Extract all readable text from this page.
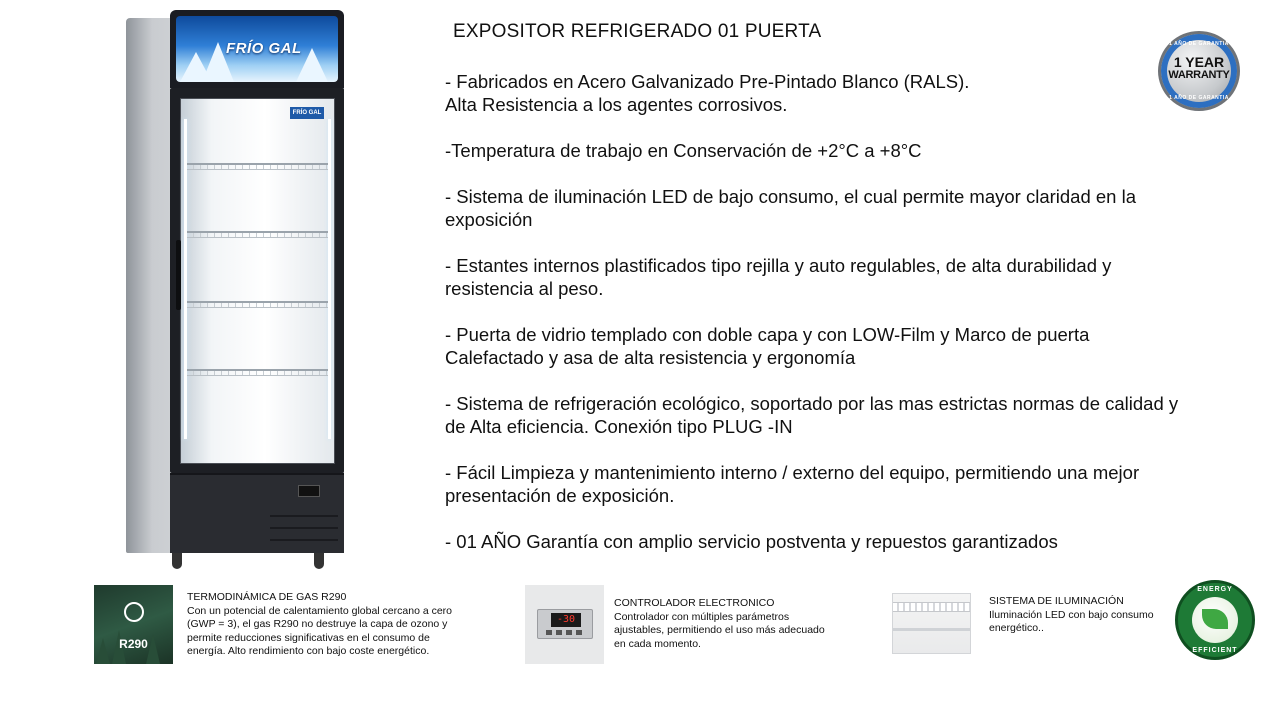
FRÍO GAL
FRÍO GAL
EXPOSITOR REFRIGERADO 01 PUERTA
- Fabricados en Acero Galvanizado Pre-Pintado Blanco (RALS).
Alta Resistencia a los agentes corrosivos.
-Temperatura de trabajo en Conservación de +2°C a +8°C
- Sistema de iluminación LED de bajo consumo, el cual permite mayor claridad en la
exposición
- Estantes internos plastificados tipo rejilla y auto regulables, de alta durabilidad y
resistencia al peso.
- Puerta de vidrio templado con doble capa y con LOW-Film y Marco de puerta
Calefactado y asa de alta resistencia y ergonomía
- Sistema de refrigeración ecológico, soportado por las mas estrictas normas de calidad y
de Alta eficiencia. Conexión tipo PLUG -IN
- Fácil Limpieza y mantenimiento interno / externo del equipo, permitiendo una mejor
presentación de exposición.
- 01 AÑO Garantía con amplio servicio postventa y repuestos garantizados
1 AÑO DE GARANTIA
1 YEAR
WARRANTY
1 AÑO DE GARANTIA
R290
TERMODINÁMICA DE GAS R290
Con un potencial de calentamiento global cercano a cero
(GWP = 3), el gas R290 no destruye la capa de ozono y
permite reducciones significativas en el consumo de
energía. Alto rendimiento con bajo coste energético.
-30
CONTROLADOR ELECTRONICO
Controlador con múltiples parámetros
ajustables, permitiendo el uso más adecuado
en cada momento.
SISTEMA DE ILUMINACIÓN
Iluminación LED con bajo consumo
energético..
ENERGY
EFFICIENT
